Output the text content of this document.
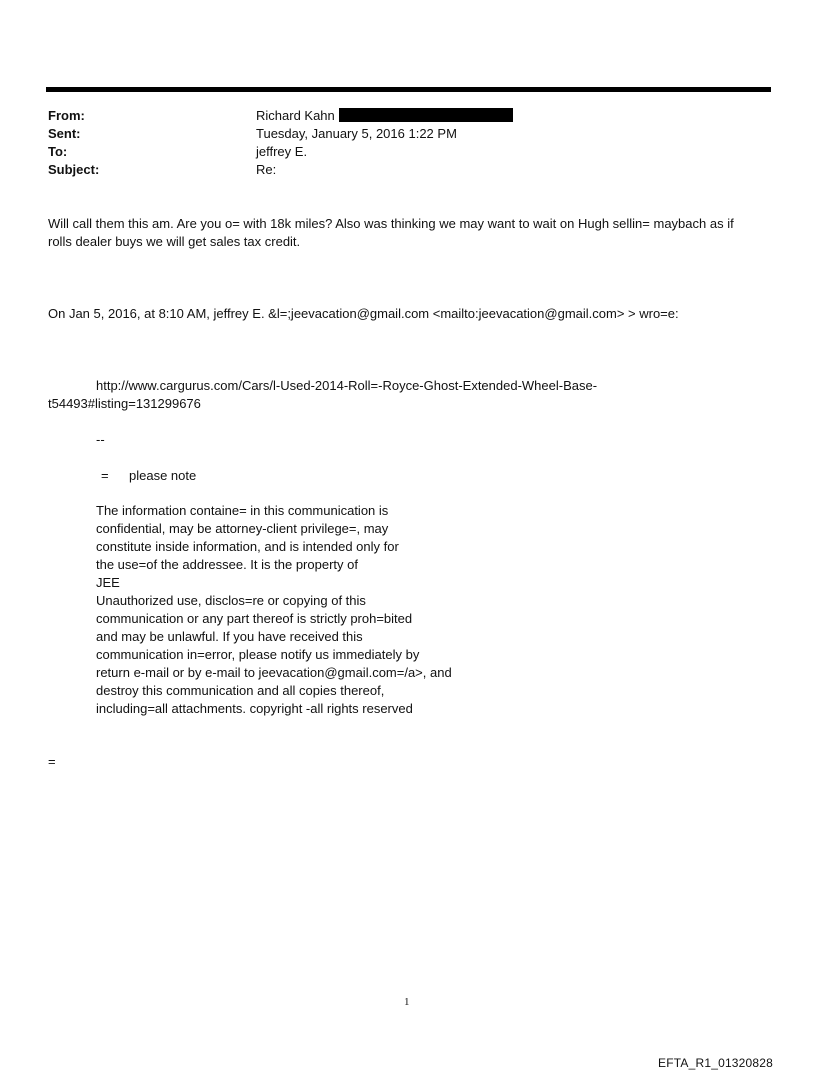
From:	Richard Kahn
Sent:	Tuesday, January 5, 2016 1:22 PM
To:	jeffrey E.
Subject:	Re:
Will call them this am. Are you o= with 18k miles? Also was thinking we may want to wait on Hugh sellin= maybach as if
rolls dealer buys we will get sales tax credit.
On Jan 5, 2016, at 8:10 AM, jeffrey E. &l=;jeevacation@gmail.com <mailto:jeevacation@gmail.com> > wro=e:
http://www.cargurus.com/Cars/l-Used-2014-Roll=-Royce-Ghost-Extended-Wheel-Base-
t54493#listing=131299676
--
= please note
The information containe= in this communication is
confidential, may be attorney-client privilege=, may
constitute inside information, and is intended only for
the use=of the addressee. It is the property of
JEE
Unauthorized use, disclos=re or copying of this
communication or any part thereof is strictly proh=bited
and may be unlawful. If you have received this
communication in=error, please notify us immediately by
return e-mail or by e-mail to jeevacation@gmail.com=/a>, and
destroy this communication and all copies thereof,
including=all attachments. copyright -all rights reserved
=
1
EFTA_R1_01320828
